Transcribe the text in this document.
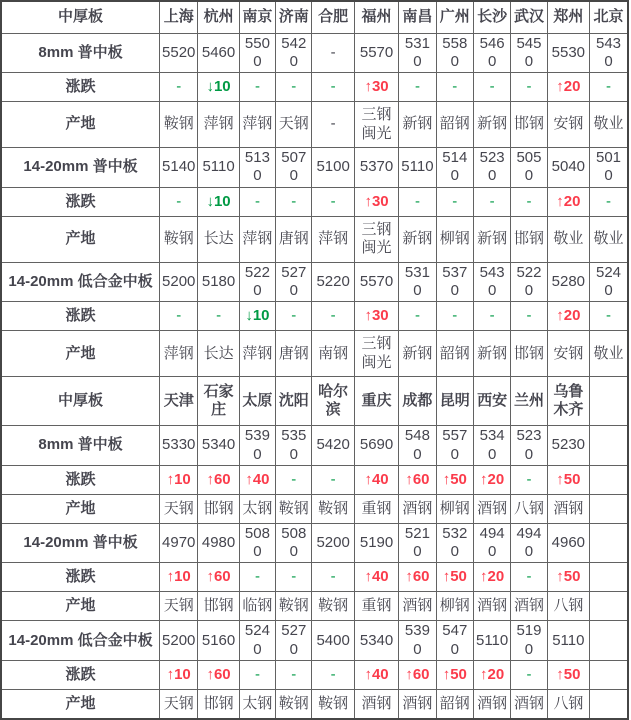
中厚板	上海	杭州	南京	济南	合肥	福州	南昌	广州	长沙	武汉	郑州	北京
8mm 普中板	5520	5460	5500	5420	-	5570	5310	5580	5460	5450	5530	5430
涨跌	-	↓10	-	-	-	↑30	-	-	-	-	↑20	-
产地	鞍钢	萍钢	萍钢	天钢	-	三钢闽光	新钢	韶钢	新钢	邯钢	安钢	敬业
14-20mm 普中板	5140	5110	5130	5070	5100	5370	5110	5140	5230	5050	5040	5010
涨跌	-	↓10	-	-	-	↑30	-	-	-	-	↑20	-
产地	鞍钢	长达	萍钢	唐钢	萍钢	三钢闽光	新钢	柳钢	新钢	邯钢	敬业	敬业
14-20mm 低合金中板	5200	5180	5220	5270	5220	5570	5310	5370	5430	5220	5280	5240
涨跌	-	-	↓10	-	-	↑30	-	-	-	-	↑20	-
产地	萍钢	长达	萍钢	唐钢	南钢	三钢闽光	新钢	韶钢	新钢	邯钢	安钢	敬业
中厚板	天津	石家庄	太原	沈阳	哈尔滨	重庆	成都	昆明	西安	兰州	乌鲁木齐	
8mm 普中板	5330	5340	5390	5350	5420	5690	5480	5570	5340	5230	5230	
涨跌	↑10	↑60	↑40	-	-	↑40	↑60	↑50	↑20	-	↑50	
产地	天钢	邯钢	太钢	鞍钢	鞍钢	重钢	酒钢	柳钢	酒钢	八钢	酒钢	
14-20mm 普中板	4970	4980	5080	5080	5200	5190	5210	5320	4940	4940	4960	
涨跌	↑10	↑60	-	-	-	↑40	↑60	↑50	↑20	-	↑50	
产地	天钢	邯钢	临钢	鞍钢	鞍钢	重钢	酒钢	柳钢	酒钢	酒钢	八钢	
14-20mm 低合金中板	5200	5160	5240	5270	5400	5340	5390	5470	5110	5190	5110	
涨跌	↑10	↑60	-	-	-	↑40	↑60	↑50	↑20	-	↑50	
产地	天钢	邯钢	太钢	鞍钢	鞍钢	酒钢	酒钢	韶钢	酒钢	酒钢	八钢	
